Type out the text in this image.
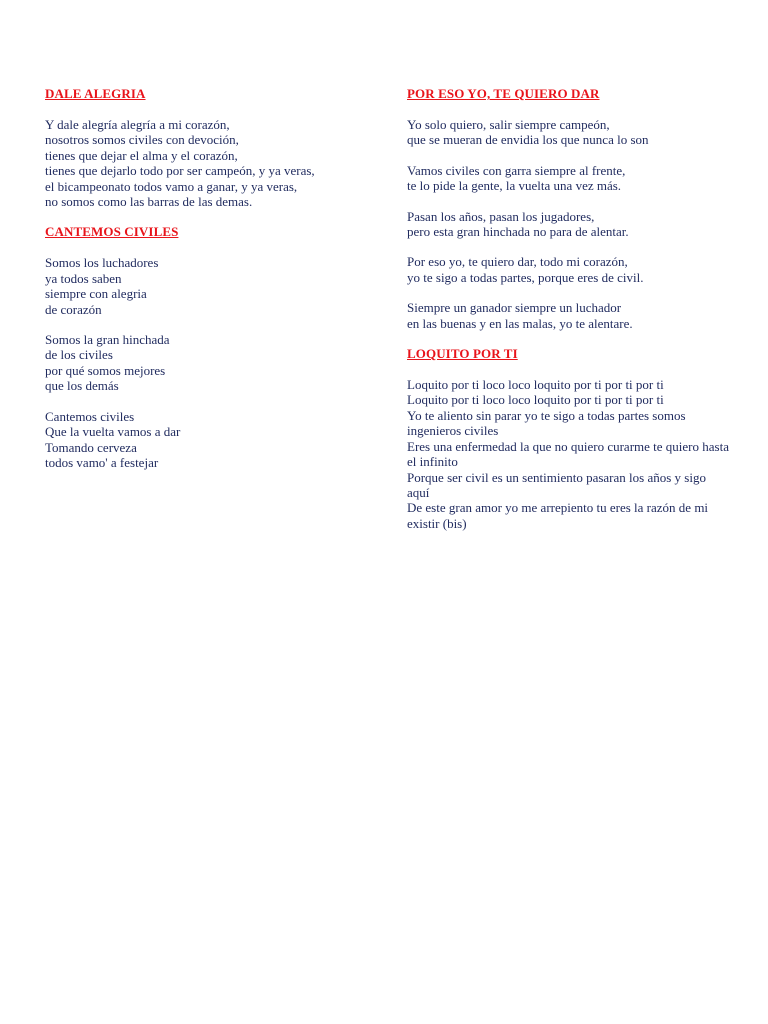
DALE ALEGRIA
Y dale alegría alegría a mi corazón,
nosotros somos civiles con devoción,
tienes que dejar el alma y el corazón,
tienes que dejarlo todo por ser campeón, y ya veras,
el bicampeonato todos vamo a ganar, y ya veras,
no somos como las barras de las demas.
CANTEMOS CIVILES
Somos los luchadores
ya todos saben
siempre con alegria
de corazón
Somos la gran hinchada
de los civiles
por qué somos mejores
que los demás
Cantemos civiles
Que la vuelta vamos a dar
Tomando cerveza
todos vamo' a festejar
POR ESO YO, TE QUIERO DAR
Yo solo quiero, salir siempre campeón,
que se mueran de envidia los que nunca lo son
Vamos civiles con garra siempre al frente,
te lo pide la gente, la vuelta una vez más.
Pasan los años, pasan los jugadores,
pero esta gran hinchada no para de alentar.
Por eso yo, te quiero dar, todo mi corazón,
yo te sigo a todas partes, porque eres de civil.
Siempre un ganador siempre un luchador
en las buenas y en las malas, yo te alentare.
LOQUITO POR TI
Loquito por ti loco loco loquito por ti por ti por ti
Loquito por ti loco loco loquito por ti por ti por ti
Yo te aliento sin parar yo te sigo a todas partes somos
ingenieros civiles
Eres una enfermedad la que no quiero curarme te quiero hasta
el infinito
Porque ser civil es un sentimiento pasaran los años y sigo
aquí
De este gran amor yo me arrepiento tu eres la razón de mi
existir (bis)
